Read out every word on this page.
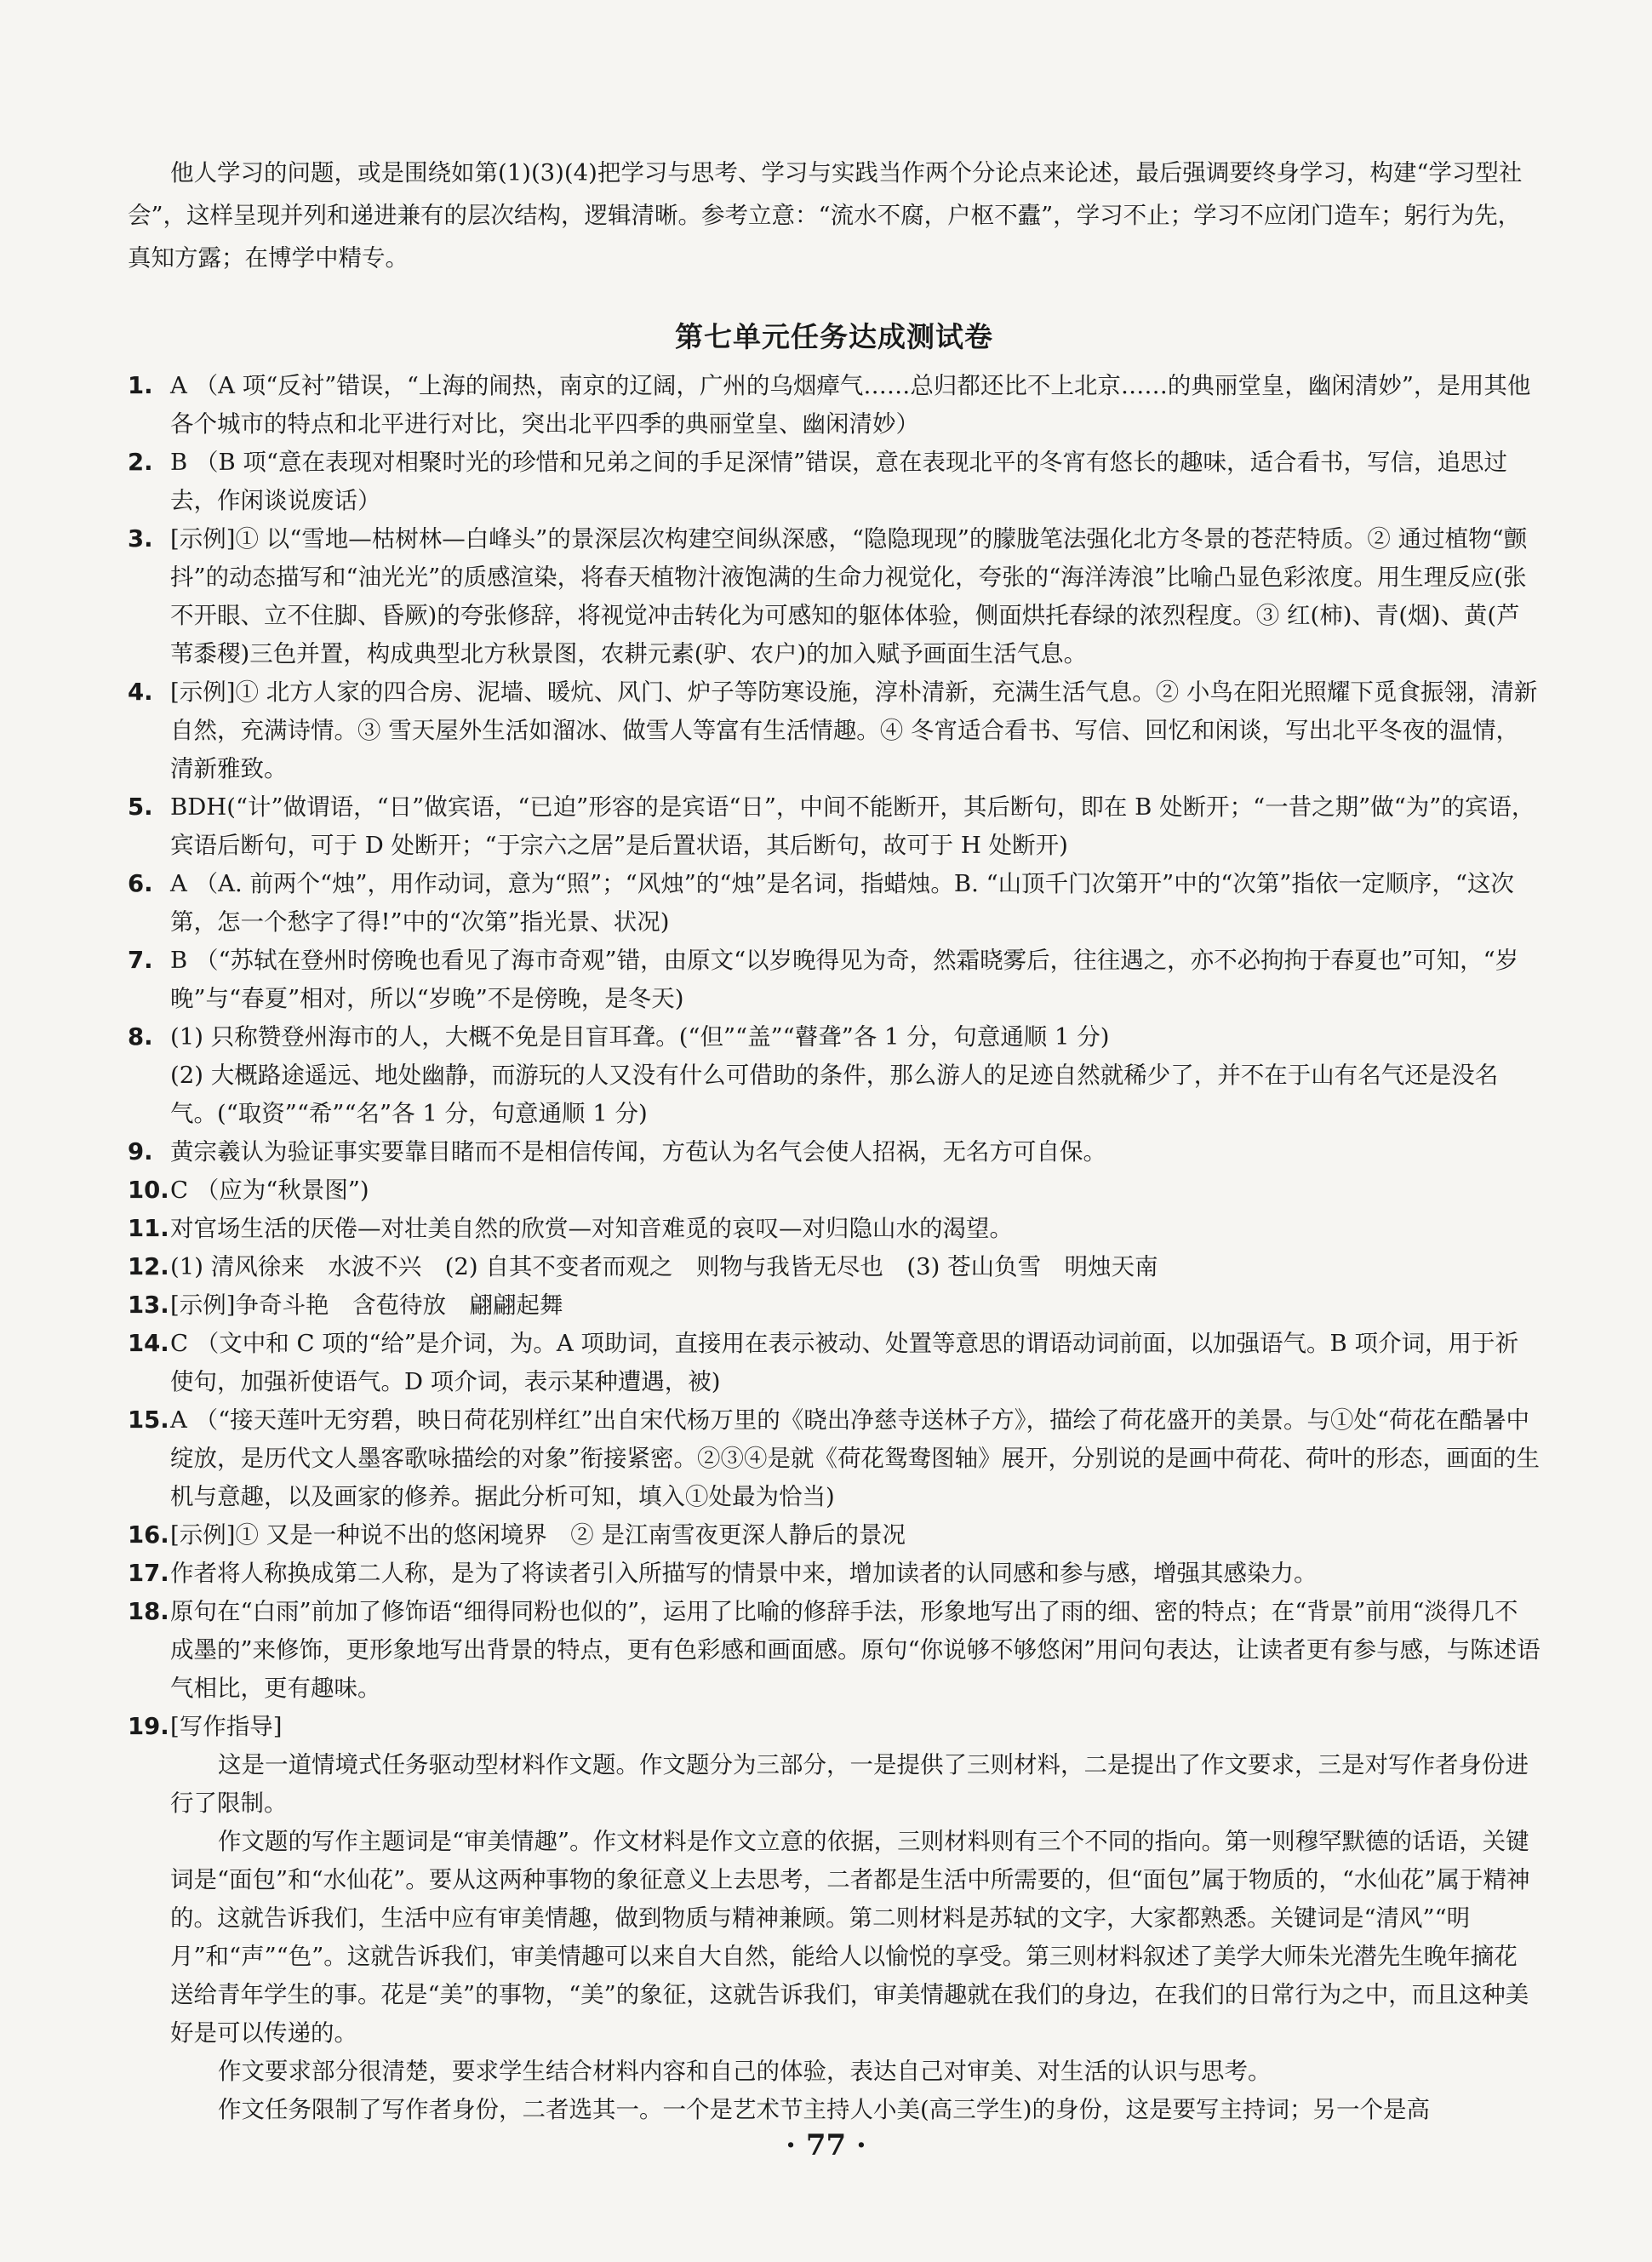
他人学习的问题，或是围绕如第(1)(3)(4)把学习与思考、学习与实践当作两个分论点来论述，最后强调要终身学习，构建“学习型社会”，这样呈现并列和递进兼有的层次结构，逻辑清晰。参考立意：“流水不腐，户枢不蠹”，学习不止；学习不应闭门造车；躬行为先，真知方露；在博学中精专。

第七单元任务达成测试卷
1. A （A 项“反衬”错误，“上海的闹热，南京的辽阔，广州的乌烟瘴气……总归都还比不上北京……的典丽堂皇，幽闲清妙”，是用其他各个城市的特点和北平进行对比，突出北平四季的典丽堂皇、幽闲清妙）

2. B （B 项“意在表现对相聚时光的珍惜和兄弟之间的手足深情”错误，意在表现北平的冬宵有悠长的趣味，适合看书，写信，追思过去，作闲谈说废话）

3. [示例]① 以“雪地—枯树林—白峰头”的景深层次构建空间纵深感，“隐隐现现”的朦胧笔法强化北方冬景的苍茫特质。② 通过植物“颤抖”的动态描写和“油光光”的质感渲染，将春天植物汁液饱满的生命力视觉化，夸张的“海洋涛浪”比喻凸显色彩浓度。用生理反应(张不开眼、立不住脚、昏厥)的夸张修辞，将视觉冲击转化为可感知的躯体体验，侧面烘托春绿的浓烈程度。③ 红(柿)、青(烟)、黄(芦苇黍稷)三色并置，构成典型北方秋景图，农耕元素(驴、农户)的加入赋予画面生活气息。

4. [示例]① 北方人家的四合房、泥墙、暖炕、风门、炉子等防寒设施，淳朴清新，充满生活气息。② 小鸟在阳光照耀下觅食振翎，清新自然，充满诗情。③ 雪天屋外生活如溜冰、做雪人等富有生活情趣。④ 冬宵适合看书、写信、回忆和闲谈，写出北平冬夜的温情，清新雅致。

5. BDH(“计”做谓语，“日”做宾语，“已迫”形容的是宾语“日”，中间不能断开，其后断句，即在 B 处断开；“一昔之期”做“为”的宾语，宾语后断句，可于 D 处断开；“于宗六之居”是后置状语，其后断句，故可于 H 处断开)

6. A （A. 前两个“烛”，用作动词，意为“照”；“风烛”的“烛”是名词，指蜡烛。B. “山顶千门次第开”中的“次第”指依一定顺序，“这次第，怎一个愁字了得!”中的“次第”指光景、状况)

7. B （“苏轼在登州时傍晚也看见了海市奇观”错，由原文“以岁晚得见为奇，然霜晓雾后，往往遇之，亦不必拘拘于春夏也”可知，“岁晚”与“春夏”相对，所以“岁晚”不是傍晚，是冬天)

8. (1) 只称赞登州海市的人，大概不免是目盲耳聋。(“但”“盖”“瞽聋”各 1 分，句意通顺 1 分)

(2) 大概路途遥远、地处幽静，而游玩的人又没有什么可借助的条件，那么游人的足迹自然就稀少了，并不在于山有名气还是没名气。(“取资”“希”“名”各 1 分，句意通顺 1 分)

9. 黄宗羲认为验证事实要靠目睹而不是相信传闻，方苞认为名气会使人招祸，无名方可自保。

10. C （应为“秋景图”)

11. 对官场生活的厌倦—对壮美自然的欣赏—对知音难觅的哀叹—对归隐山水的渴望。

12. (1) 清风徐来　水波不兴　(2) 自其不变者而观之　则物与我皆无尽也　(3) 苍山负雪　明烛天南

13. [示例]争奇斗艳　含苞待放　翩翩起舞

14. C （文中和 C 项的“给”是介词，为。A 项助词，直接用在表示被动、处置等意思的谓语动词前面，以加强语气。B 项介词，用于祈使句，加强祈使语气。D 项介词，表示某种遭遇，被)

15. A （“接天莲叶无穷碧，映日荷花别样红”出自宋代杨万里的《晓出净慈寺送林子方》，描绘了荷花盛开的美景。与①处“荷花在酷暑中绽放，是历代文人墨客歌咏描绘的对象”衔接紧密。②③④是就《荷花鸳鸯图轴》展开，分别说的是画中荷花、荷叶的形态，画面的生机与意趣，以及画家的修养。据此分析可知，填入①处最为恰当)

16. [示例]① 又是一种说不出的悠闲境界　② 是江南雪夜更深人静后的景况

17. 作者将人称换成第二人称，是为了将读者引入所描写的情景中来，增加读者的认同感和参与感，增强其感染力。

18. 原句在“白雨”前加了修饰语“细得同粉也似的”，运用了比喻的修辞手法，形象地写出了雨的细、密的特点；在“背景”前用“淡得几不成墨的”来修饰，更形象地写出背景的特点，更有色彩感和画面感。原句“你说够不够悠闲”用问句表达，让读者更有参与感，与陈述语气相比，更有趣味。

19. [写作指导]

这是一道情境式任务驱动型材料作文题。作文题分为三部分，一是提供了三则材料，二是提出了作文要求，三是对写作者身份进行了限制。

作文题的写作主题词是“审美情趣”。作文材料是作文立意的依据，三则材料则有三个不同的指向。第一则穆罕默德的话语，关键词是“面包”和“水仙花”。要从这两种事物的象征意义上去思考，二者都是生活中所需要的，但“面包”属于物质的，“水仙花”属于精神的。这就告诉我们，生活中应有审美情趣，做到物质与精神兼顾。第二则材料是苏轼的文字，大家都熟悉。关键词是“清风”“明月”和“声”“色”。这就告诉我们，审美情趣可以来自大自然，能给人以愉悦的享受。第三则材料叙述了美学大师朱光潜先生晚年摘花送给青年学生的事。花是“美”的事物，“美”的象征，这就告诉我们，审美情趣就在我们的身边，在我们的日常行为之中，而且这种美好是可以传递的。

作文要求部分很清楚，要求学生结合材料内容和自己的体验，表达自己对审美、对生活的认识与思考。

作文任务限制了写作者身份，二者选其一。一个是艺术节主持人小美(高三学生)的身份，这是要写主持词；另一个是高

· 77 ·
